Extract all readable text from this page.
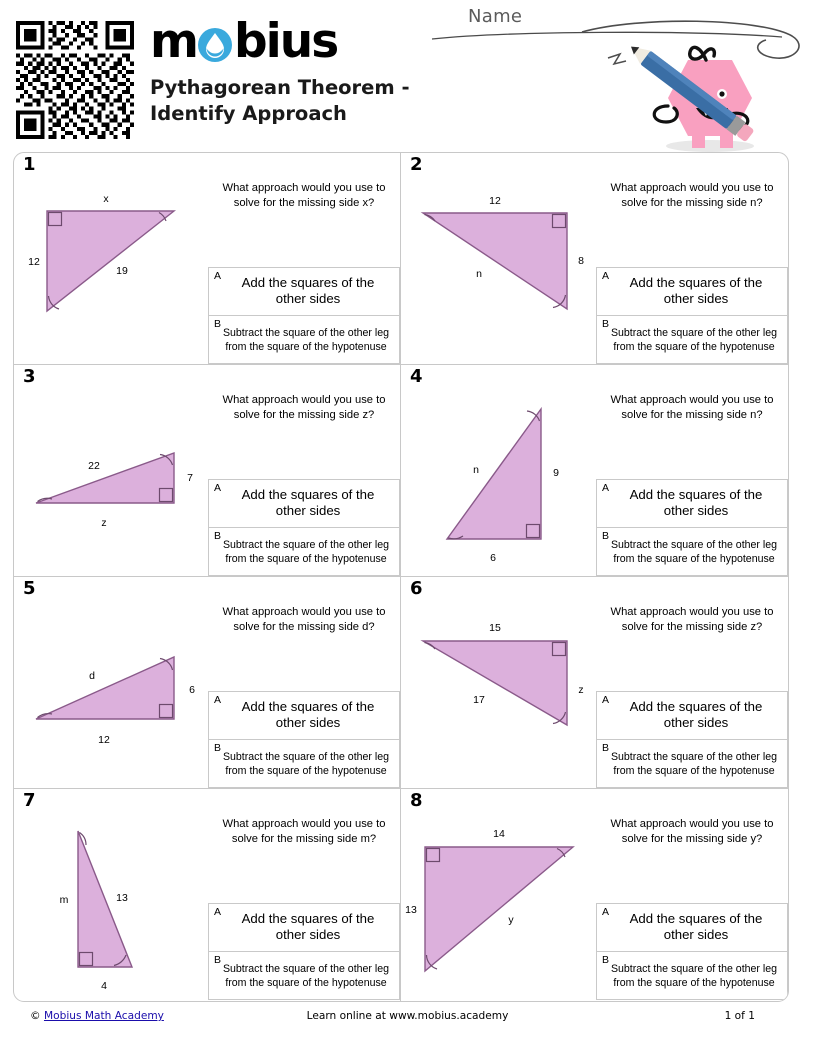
m bius
Pythagorean Theorem - Identify Approach
Name
1
x
12
19
What approach would you use to solve for the missing side x?
A	Add the squares of the other sides
B
Subtract the square of the other leg from the square of the hypotenuse
2
12
8
n
What approach would you use to solve for the missing side n?
A	Add the squares of the other sides
B
Subtract the square of the other leg from the square of the hypotenuse
3
22
7
z
What approach would you use to solve for the missing side z?
A	Add the squares of the other sides
B
Subtract the square of the other leg from the square of the hypotenuse
4
n	9
6
What approach would you use to solve for the missing side n?
A	Add the squares of the other sides
B
Subtract the square of the other leg from the square of the hypotenuse
5
d
6
12
What approach would you use to solve for the missing side d?
A	Add the squares of the other sides
B
Subtract the square of the other leg from the square of the hypotenuse
6
15
z
17
What approach would you use to solve for the missing side z?
A	Add the squares of the other sides
B
Subtract the square of the other leg from the square of the hypotenuse
7
m	13
4
What approach would you use to solve for the missing side m?
A	Add the squares of the other sides
B
Subtract the square of the other leg from the square of the hypotenuse
8
14
13
y
What approach would you use to solve for the missing side y?
A	Add the squares of the other sides
B
Subtract the square of the other leg from the square of the hypotenuse
© Mobius Math Academy	Learn online at www.mobius.academy	1 of 1
